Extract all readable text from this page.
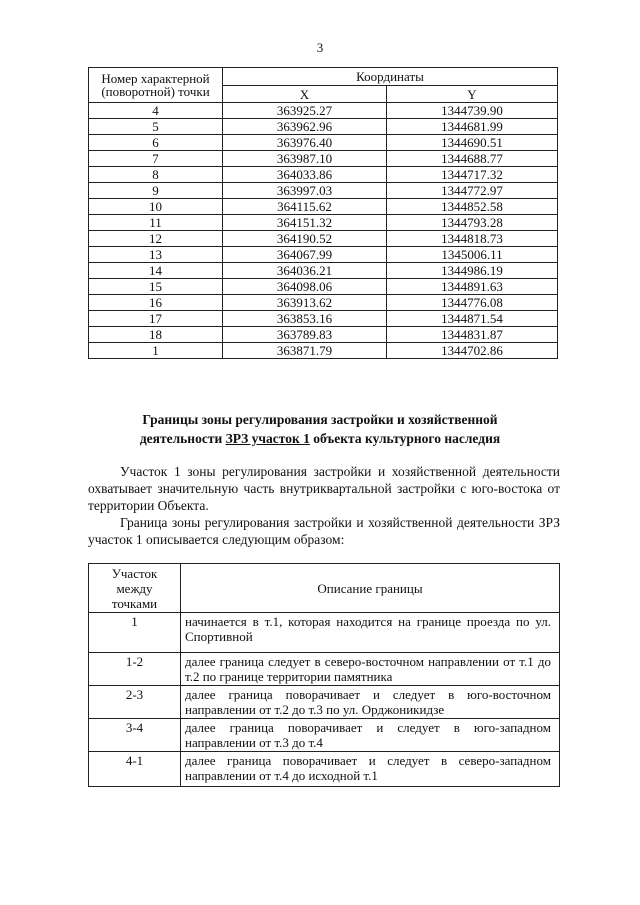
3
Номер характерной
(поворотной) точки	Координаты	
	X	Y
4	363925.27	1344739.90
5	363962.96	1344681.99
6	363976.40	1344690.51
7	363987.10	1344688.77
8	364033.86	1344717.32
9	363997.03	1344772.97
10	364115.62	1344852.58
11	364151.32	1344793.28
12	364190.52	1344818.73
13	364067.99	1345006.11
14	364036.21	1344986.19
15	364098.06	1344891.63
16	363913.62	1344776.08
17	363853.16	1344871.54
18	363789.83	1344831.87
1	363871.79	1344702.86
Границы зоны регулирования застройки и хозяйственной
деятельности ЗРЗ участок 1 объекта культурного наследия

Участок 1 зоны регулирования застройки и хозяйственной деятельности охватывает значительную часть внутриквартальной застройки с юго-востока от территории Объекта.

Граница зоны регулирования застройки и хозяйственной деятельности ЗРЗ участок 1 описывается следующим образом:

Участок
между
точками	Описание границы
1	начинается в т.1, которая находится на границе проезда по ул. Спортивной
1-2	далее граница следует в северо-восточном направлении от т.1 до т.2 по границе территории памятника
2-3	далее граница поворачивает и следует в юго-восточном направлении от т.2 до т.3 по ул. Орджоникидзе
3-4	далее граница поворачивает и следует в юго-западном направлении от т.3 до т.4
4-1	далее граница поворачивает и следует в северо-западном направлении от т.4 до исходной т.1
